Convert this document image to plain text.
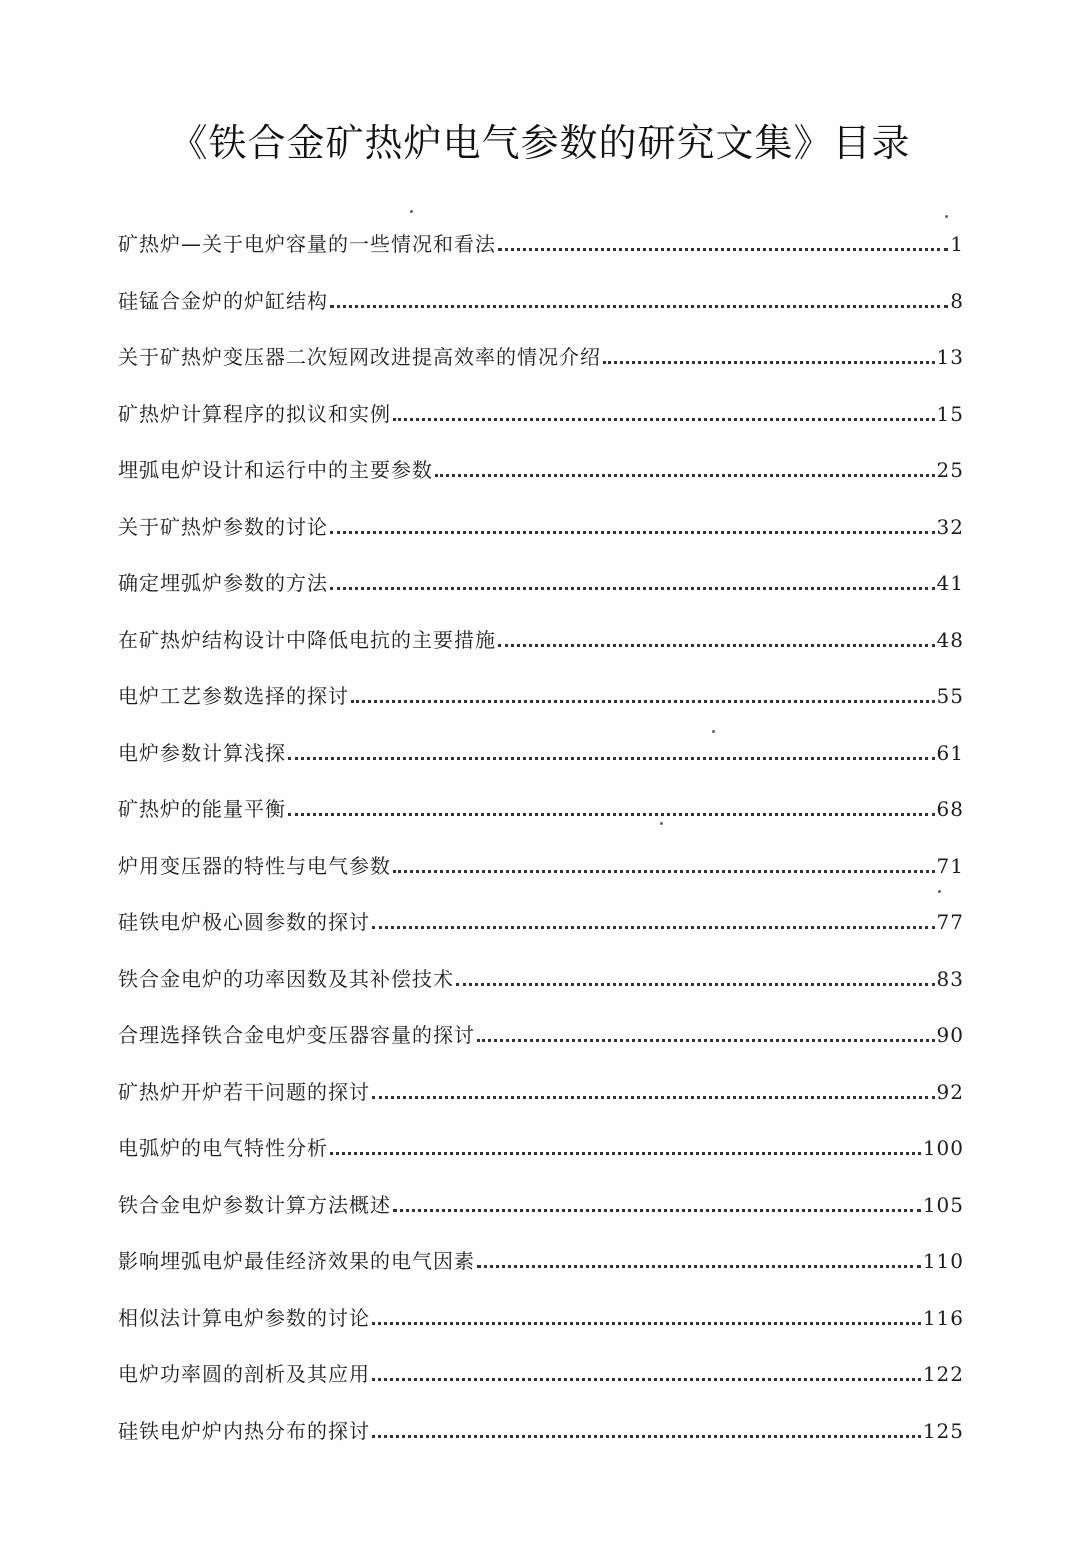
《铁合金矿热炉电气参数的研究文集》目录
矿热炉—关于电炉容量的一些情况和看法	1
硅锰合金炉的炉缸结构	8
关于矿热炉变压器二次短网改进提高效率的情况介绍	13
矿热炉计算程序的拟议和实例	15
埋弧电炉设计和运行中的主要参数	25
关于矿热炉参数的讨论	32
确定埋弧炉参数的方法	41
在矿热炉结构设计中降低电抗的主要措施	48
电炉工艺参数选择的探讨	55
电炉参数计算浅探	61
矿热炉的能量平衡	68
炉用变压器的特性与电气参数	71
硅铁电炉极心圆参数的探讨	77
铁合金电炉的功率因数及其补偿技术	83
合理选择铁合金电炉变压器容量的探讨	90
矿热炉开炉若干问题的探讨	92
电弧炉的电气特性分析	100
铁合金电炉参数计算方法概述	105
影响埋弧电炉最佳经济效果的电气因素	110
相似法计算电炉参数的讨论	116
电炉功率圆的剖析及其应用	122
硅铁电炉炉内热分布的探讨	125
